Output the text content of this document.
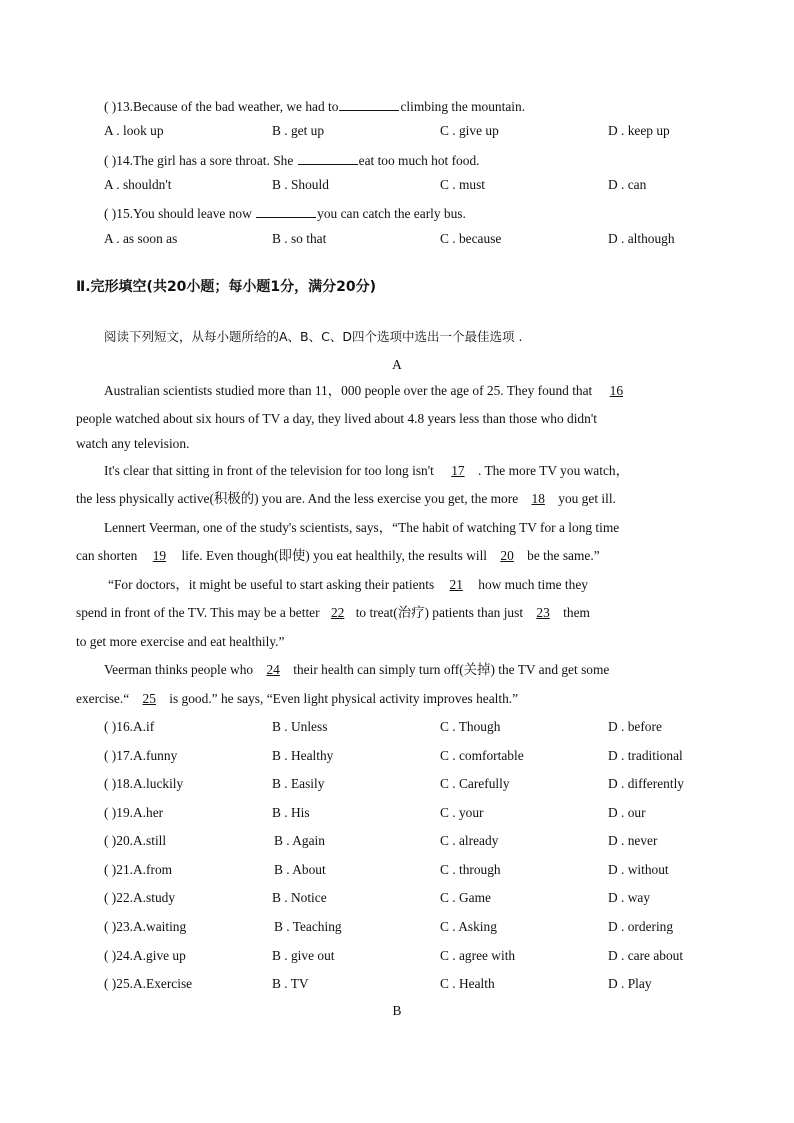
( )13.Because of the bad weather, we had to	climbing the mountain.
A . look up	B . get up	C . give up	D . keep up
( )14.The girl has a sore throat. She	eat too much hot food.
A . shouldn't	B . Should	C . must	D . can
( )15.You should leave now	you can catch the early bus.
A . as soon as	B . so that	C . because	D . although
Ⅱ.完形填空(共20小题；每小题1分，满分20分)
阅读下列短文，从每小题所给的A、B、C、D四个选项中选出一个最佳选项 .
A
Australian scientists studied more than 11，000 people over the age of 25. They found that 16
people watched about six hours of TV a day, they lived about 4.8 years less than those who didn't
watch any television.
It's clear that sitting in front of the television for too long isn't 17 . The more TV you watch，
the less physically active(积极的) you are. And the less exercise you get, the more 18 you get ill.
Lennert Veerman, one of the study's scientists, says，“The habit of watching TV for a long time
can shorten 19 life. Even though(即使) you eat healthily, the results will 20 be the same.”
“For doctors，it might be useful to start asking their patients 21 how much time they
spend in front of the TV. This may be a better 22 to treat(治疗) patients than just 23 them
to get more exercise and eat healthily.”
Veerman thinks people who 24 their health can simply turn off(关掉) the TV and get some
exercise.“ 25 is good.” he says, “Even light physical activity improves health.”
( )16.A.if	B . Unless	C . Though	D . before
( )17.A.funny	B . Healthy	C . comfortable	D . traditional
( )18.A.luckily	B . Easily	C . Carefully	D . differently
( )19.A.her	B . His	C . your	D . our
( )20.A.still	B . Again	C . already	D . never
( )21.A.from	B . About	C . through	D . without
( )22.A.study	B . Notice	C . Game	D . way
( )23.A.waiting	B . Teaching	C . Asking	D . ordering
( )24.A.give up	B . give out	C . agree with	D . care about
( )25.A.Exercise	B . TV	C . Health	D . Play
B
